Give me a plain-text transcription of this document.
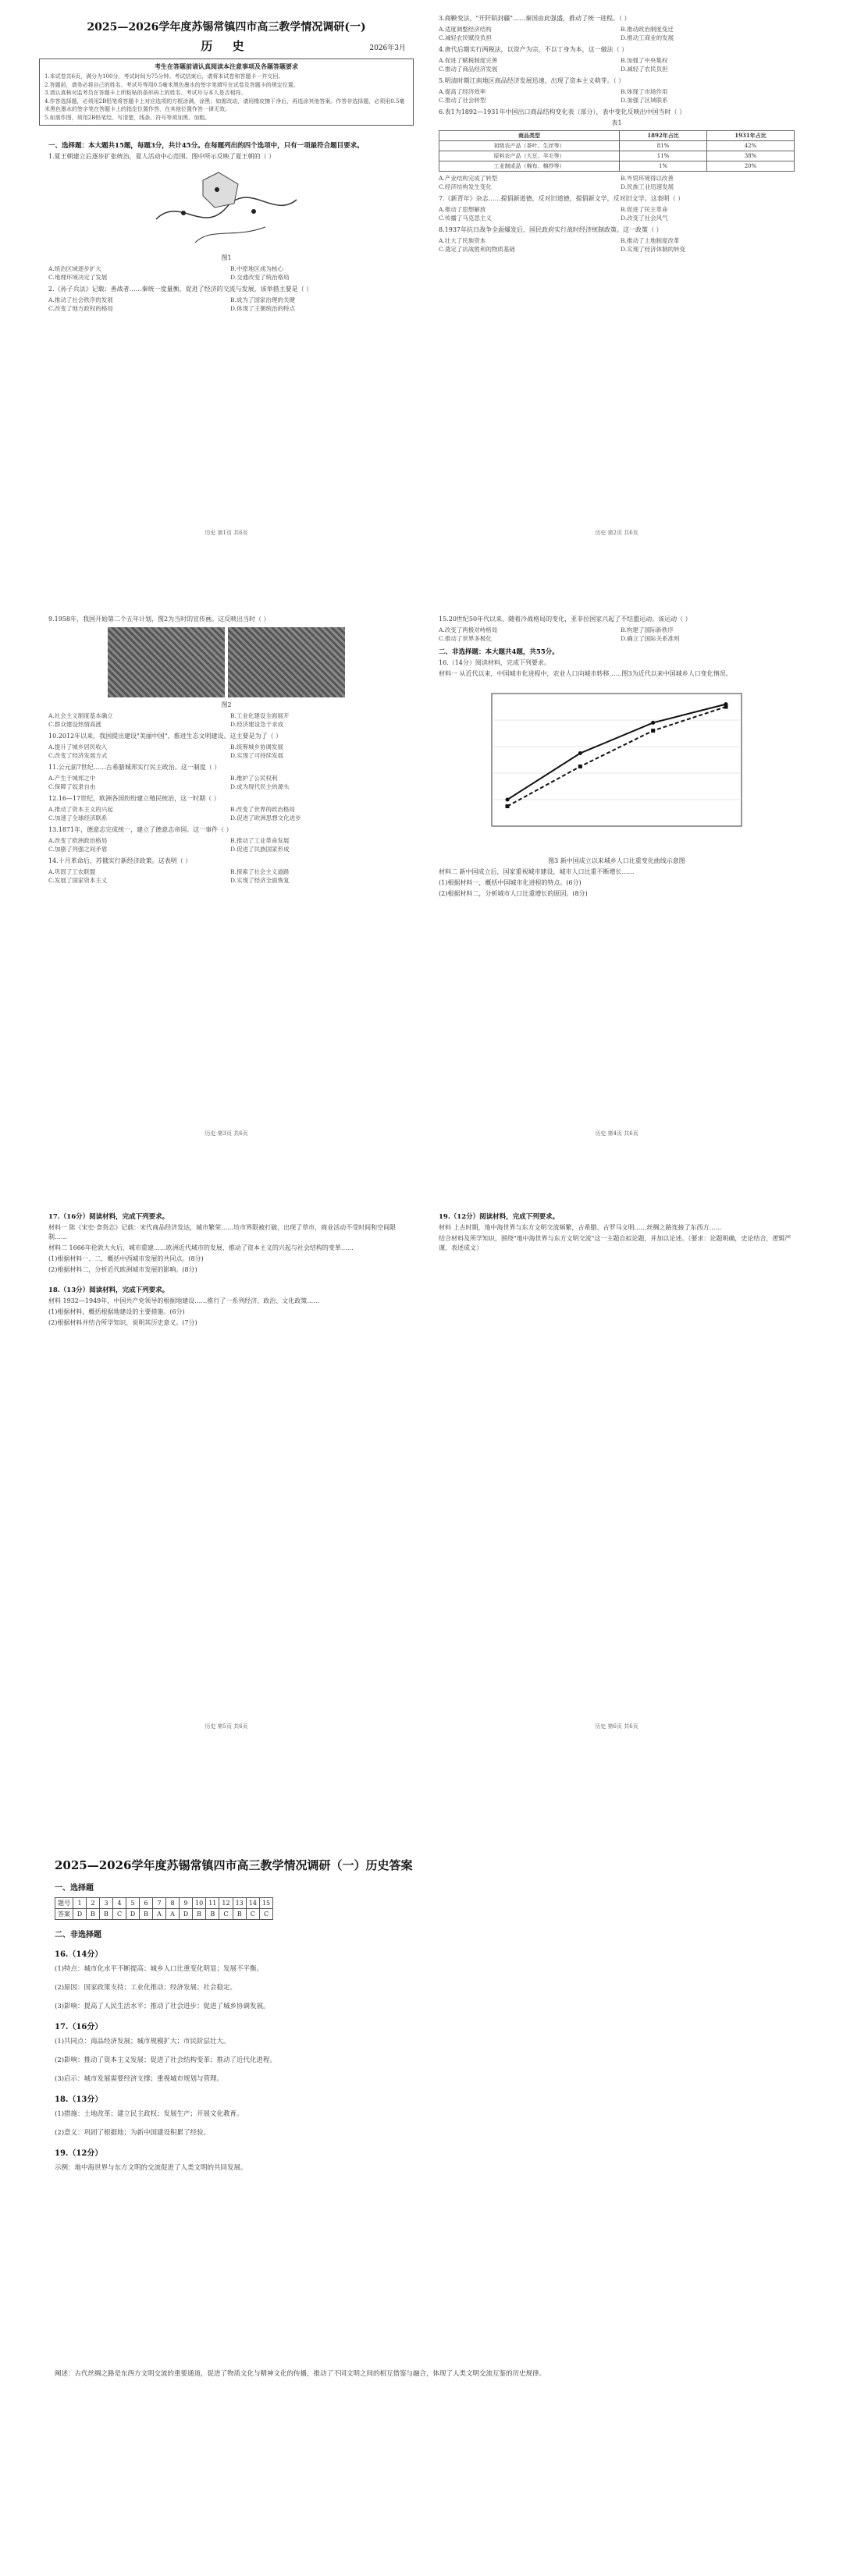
2025—2026学年度苏锡常镇四市高三教学情况调研(一)
历 史	2026年3月
考生在答题前请认真阅读本注意事项及各题答题要求
1.本试卷共6页，满分为100分，考试时间为75分钟。考试结束后，请将本试卷和答题卡一并交回。
2.答题前，请务必将自己的姓名、考试号等用0.5毫米黑色墨水的签字笔填写在试卷及答题卡的规定位置。
3.请认真核对监考员在答题卡上所粘贴的条形码上的姓名、考试号与本人是否相符。
4.作答选择题，必须用2B铅笔将答题卡上对应选项的方框涂满、涂黑；如需改动，请用橡皮擦干净后，再选涂其他答案。作答非选择题，必须用0.5毫米黑色墨水的签字笔在答题卡上的指定位置作答，在其他位置作答一律无效。
5.如需作图，须用2B铅笔绘、写清楚，线条、符号等须加黑、加粗。
一、选择题：本大题共15题，每题3分，共计45分。在每题列出的四个选项中，只有一项最符合题目要求。
1.夏王朝建立后逐步扩张统治，夏人活动中心范围。图中所示反映了夏王朝的（ ）
图1
A.统治区域逐步扩大	B.中原地区成为核心
C.地理环境决定了发展	D.交通改变了统治格局
2.《孙子兵法》记载：善战者……秦统一度量衡，促进了经济的交流与发展，该举措主要是（ ）
A.推动了社会秩序的发展	B.成为了国家治理的关键
C.改变了地方政权的格局	D.体现了王朝统治的特点
历史 第1页 共6页
3.商鞅变法，"开阡陌封疆"……秦国由此强盛，推动了统一进程。（ ）
A.适度调整经济结构	B.推动政治制度变迁
C.减轻农民赋役负担	D.推动工商业的发展
4.唐代后期实行两税法，以资产为宗，不以丁身为本，这一做法（ ）
A.促进了赋税制度完善	B.加强了中央集权
C.推动了商品经济发展	D.减轻了农民负担
5.明清时期江南地区商品经济发展迅速，出现了资本主义萌芽。（ ）
A.提高了经济效率	B.体现了市场作用
C.推动了社会转型	D.加强了区域联系
6.表1为1892—1931年中国出口商品结构变化表（部分），表中变化反映出中国当时（ ）
表1
商品类型	1892年占比	1931年占比
初级农产品（茶叶、生丝等）	81%	42%
原料农产品（大豆、羊毛等）	11%	38%
工业制成品（棉布、棉纱等）	1%	20%
A.产业结构完成了转型	B.外贸环境得以改善
C.经济结构发生变化	D.民族工业迅速发展
7.《新青年》杂志……提倡新道德，反对旧道德，提倡新文学，反对旧文学。这表明（ ）
A.推动了思想解放	B.促进了民主革命
C.传播了马克思主义	D.改变了社会风气
8.1937年抗日战争全面爆发后，国民政府实行战时经济统制政策。这一政策（ ）
A.壮大了民族资本	B.推动了土地制度改革
C.奠定了抗战胜利的物质基础	D.实现了经济体制的转变
历史 第2页 共6页
9.1958年，我国开始第二个五年计划，图2为当时的宣传画。这反映出当时（ ）
图2
A.社会主义制度基本确立	B.工业化建设全面展开
C.群众建设热情高涨	D.经济建设急于求成
10.2012年以来，我国提出建设"美丽中国"，推进生态文明建设。这主要是为了（ ）
A.提升了城乡居民收入	B.统筹城乡协调发展
C.改变了经济发展方式	D.实现了可持续发展
11.公元前7世纪……古希腊城邦实行民主政治。这一制度（ ）
A.产生于城邦之中	B.维护了公民权利
C.保障了奴隶自由	D.成为现代民主的源头
12.16—17世纪，欧洲各国纷纷建立殖民统治，这一时期（ ）
A.推动了资本主义的兴起	B.改变了世界的政治格局
C.加速了全球经济联系	D.促进了欧洲思想文化进步
13.1871年，德意志完成统一，建立了德意志帝国。这一事件（ ）
A.改变了欧洲政治格局	B.推动了工业革命发展
C.加剧了列强之间矛盾	D.促进了民族国家形成
14.十月革命后，苏俄实行新经济政策。这表明（ ）
A.巩固了工农联盟	B.探索了社会主义道路
C.发展了国家资本主义	D.实现了经济全面恢复
历史 第3页 共6页
15.20世纪50年代以来，随着冷战格局的变化，亚非拉国家兴起了不结盟运动。该运动（ ）
A.改变了两极对峙格局	B.构建了国际新秩序
C.推动了世界多极化	D.确立了国际关系准则
二、非选择题：本大题共4题，共55分。
16.（14分）阅读材料，完成下列要求。
材料一 从近代以来，中国城市化进程中，农业人口向城市转移……图3为近代以来中国城乡人口变化情况。
图3 新中国成立以来城乡人口比重变化曲线示意图
材料二 新中国成立后，国家重视城市建设，城市人口比重不断增长……
(1)根据材料一，概括中国城市化进程的特点。(6分)
(2)根据材料二，分析城市人口比重增长的原因。(8分)
历史 第4页 共6页
17.（16分）阅读材料，完成下列要求。
材料一 陈《宋史·食货志》记载：宋代商品经济发达，城市繁荣……坊市界限被打破，出现了草市，商业活动不受时间和空间限制……
材料二 1666年伦敦大火后，城市重建……欧洲近代城市的发展，推动了资本主义的兴起与社会结构的变革……
(1)根据材料一、二，概括中西城市发展的共同点。(8分)
(2)根据材料二，分析近代欧洲城市发展的影响。(8分)
18.（13分）阅读材料，完成下列要求。
材料 1932—1949年，中国共产党领导的根据地建设……推行了一系列经济、政治、文化政策……
(1)根据材料，概括根据地建设的主要措施。(6分)
(2)根据材料并结合所学知识，说明其历史意义。(7分)
历史 第5页 共6页
19.（12分）阅读材料，完成下列要求。
材料 上古时期，地中海世界与东方文明交流频繁，古希腊、古罗马文明……丝绸之路连接了东西方……
结合材料及所学知识，围绕"地中海世界与东方文明交流"这一主题自拟论题，并加以论述。（要求：论题明确，史论结合，逻辑严谨，表述成文）
历史 第6页 共6页
2025—2026学年度苏锡常镇四市高三教学情况调研（一）历史答案
一、选择题
题号	1	2	3	4	5	6	7	8	9	10	11	12	13	14	15
答案	D	B	B	C	D	B	A	A	D	B	B	C	B	C	C
二、非选择题
16.（14分）
(1)特点：城市化水平不断提高；城乡人口比重变化明显；发展不平衡。
(2)原因：国家政策支持；工业化推动；经济发展；社会稳定。
(3)影响：提高了人民生活水平；推动了社会进步；促进了城乡协调发展。
17.（16分）
(1)共同点：商品经济发展；城市规模扩大；市民阶层壮大。
(2)影响：推动了资本主义发展；促进了社会结构变革；推动了近代化进程。
(3)启示：城市发展需要经济支撑；重视城市规划与管理。
18.（13分）
(1)措施：土地改革；建立民主政权；发展生产；开展文化教育。
(2)意义：巩固了根据地；为新中国建设积累了经验。
19.（12分）
示例：地中海世界与东方文明的交流促进了人类文明的共同发展。
阐述：古代丝绸之路是东西方文明交流的重要通道，促进了物质文化与精神文化的传播，推动了不同文明之间的相互借鉴与融合，体现了人类文明交流互鉴的历史规律。
